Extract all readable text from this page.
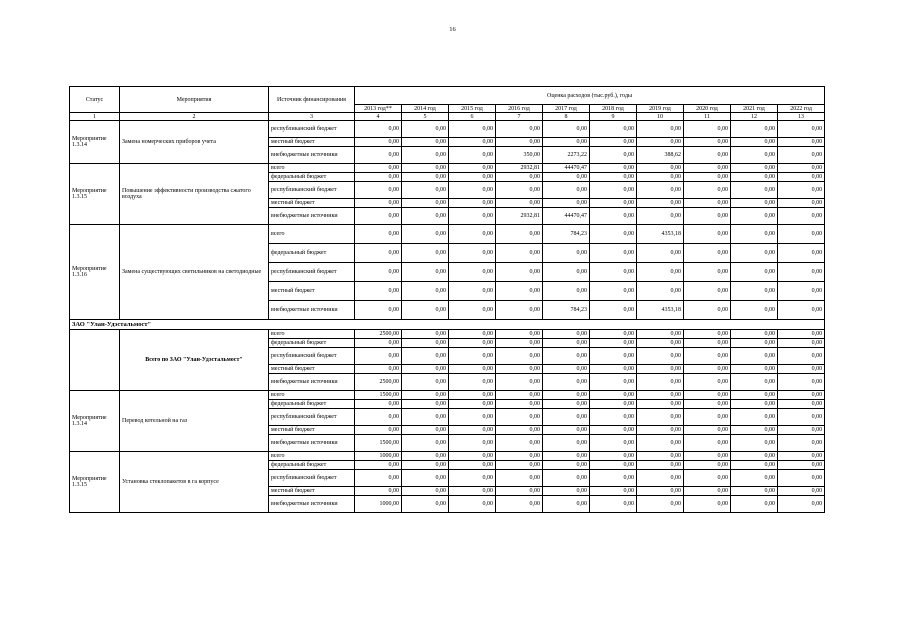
16
Статус	Мероприятия	Источник финансирования	Оценка расходов (тыс.руб.), годы									
			2013 год**	2014 год	2015 год	2016 год	2017 год	2018 год	2019 год	2020 год	2021 год	2022 год
1	2	3	4	5	6	7	8	9	10	11	12	13
Мероприятие 1.3.14	Замена номерческих приборов учета	республиканский бюджет	0,00	0,00	0,00	0,00	0,00	0,00	0,00	0,00	0,00	0,00
		местный бюджет	0,00	0,00	0,00	0,00	0,00	0,00	0,00	0,00	0,00	0,00
		внебюджетные источники	0,00	0,00	0,00	350,00	2273,22	0,00	388,62	0,00	0,00	0,00
Мероприятие 1.3.15	Повышение эффективности производства сжатого воздуха	всего	0,00	0,00	0,00	2932,81	44470,47	0,00	0,00	0,00	0,00	0,00
		федеральный бюджет	0,00	0,00	0,00	0,00	0,00	0,00	0,00	0,00	0,00	0,00
		республиканский бюджет	0,00	0,00	0,00	0,00	0,00	0,00	0,00	0,00	0,00	0,00
		местный бюджет	0,00	0,00	0,00	0,00	0,00	0,00	0,00	0,00	0,00	0,00
		внебюджетные источники	0,00	0,00	0,00	2932,81	44470,47	0,00	0,00	0,00	0,00	0,00
Мероприятие 1.3.16	Замена существующих светильников на светодиодные	всего	0,00	0,00	0,00	0,00	784,23	0,00	4353,18	0,00	0,00	0,00
		федеральный бюджет	0,00	0,00	0,00	0,00	0,00	0,00	0,00	0,00	0,00	0,00
		республиканский бюджет	0,00	0,00	0,00	0,00	0,00	0,00	0,00	0,00	0,00	0,00
		местный бюджет	0,00	0,00	0,00	0,00	0,00	0,00	0,00	0,00	0,00	0,00
		внебюджетные источники	0,00	0,00	0,00	0,00	784,23	0,00	4353,18	0,00	0,00	0,00
ЗАО "Улан-Удэстальмост"												
	Всего по ЗАО "Улан-Удэстальмост"	всего	2500,00	0,00	0,00	0,00	0,00	0,00	0,00	0,00	0,00	0,00
		федеральный бюджет	0,00	0,00	0,00	0,00	0,00	0,00	0,00	0,00	0,00	0,00
		республиканский бюджет	0,00	0,00	0,00	0,00	0,00	0,00	0,00	0,00	0,00	0,00
		местный бюджет	0,00	0,00	0,00	0,00	0,00	0,00	0,00	0,00	0,00	0,00
		внебюджетные источники	2500,00	0,00	0,00	0,00	0,00	0,00	0,00	0,00	0,00	0,00
Мероприятие 1.3.14	Перевод котельной на газ	всего	1500,00	0,00	0,00	0,00	0,00	0,00	0,00	0,00	0,00	0,00
		федеральный бюджет	0,00	0,00	0,00	0,00	0,00	0,00	0,00	0,00	0,00	0,00
		республиканский бюджет	0,00	0,00	0,00	0,00	0,00	0,00	0,00	0,00	0,00	0,00
		местный бюджет	0,00	0,00	0,00	0,00	0,00	0,00	0,00	0,00	0,00	0,00
		внебюджетные источники	1500,00	0,00	0,00	0,00	0,00	0,00	0,00	0,00	0,00	0,00
Мероприятие 1.3.15	Установка стеклопакетов в га корпусе	всего	1000,00	0,00	0,00	0,00	0,00	0,00	0,00	0,00	0,00	0,00
		федеральный бюджет	0,00	0,00	0,00	0,00	0,00	0,00	0,00	0,00	0,00	0,00
		республиканский бюджет	0,00	0,00	0,00	0,00	0,00	0,00	0,00	0,00	0,00	0,00
		местный бюджет	0,00	0,00	0,00	0,00	0,00	0,00	0,00	0,00	0,00	0,00
		внебюджетные источники	1000,00	0,00	0,00	0,00	0,00	0,00	0,00	0,00	0,00	0,00
